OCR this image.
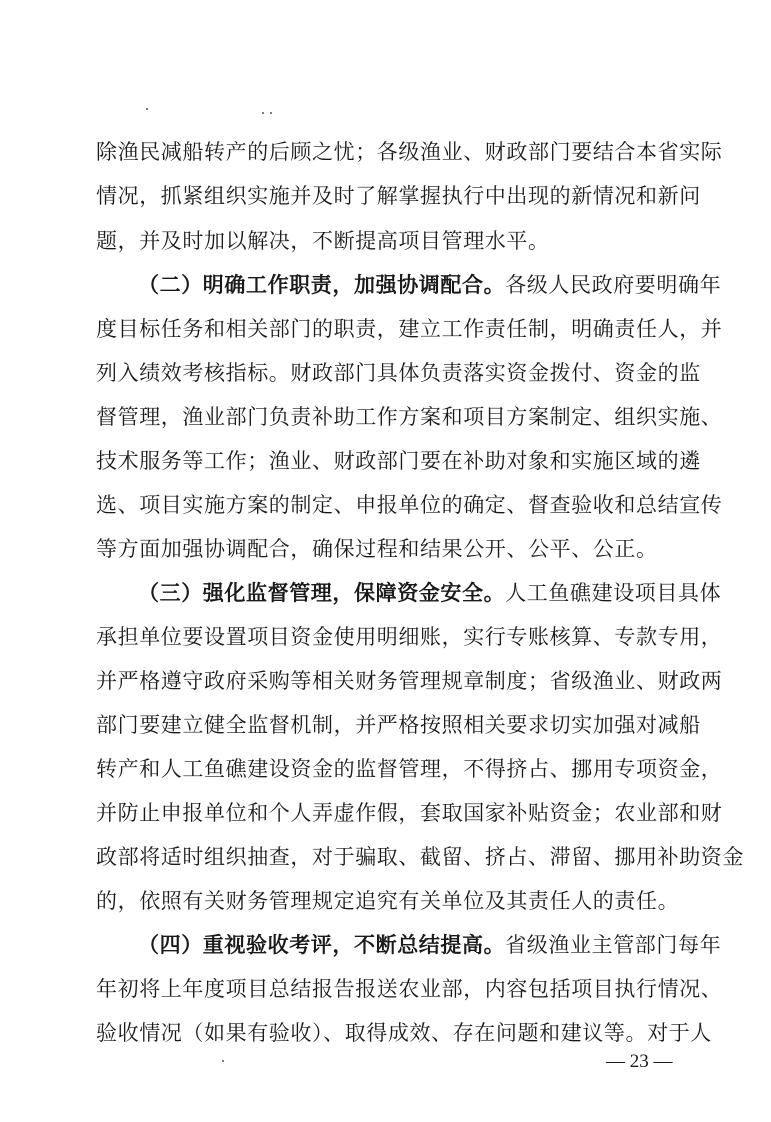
除渔民减船转产的后顾之忧；各级渔业、财政部门要结合本省实际
情况，抓紧组织实施并及时了解掌握执行中出现的新情况和新问
题，并及时加以解决，不断提高项目管理水平。
（二）明确工作职责，加强协调配合。各级人民政府要明确年
度目标任务和相关部门的职责，建立工作责任制，明确责任人，并
列入绩效考核指标。财政部门具体负责落实资金拨付、资金的监
督管理，渔业部门负责补助工作方案和项目方案制定、组织实施、
技术服务等工作；渔业、财政部门要在补助对象和实施区域的遴
选、项目实施方案的制定、申报单位的确定、督查验收和总结宣传
等方面加强协调配合，确保过程和结果公开、公平、公正。
（三）强化监督管理，保障资金安全。人工鱼礁建设项目具体
承担单位要设置项目资金使用明细账，实行专账核算、专款专用，
并严格遵守政府采购等相关财务管理规章制度；省级渔业、财政两
部门要建立健全监督机制，并严格按照相关要求切实加强对减船
转产和人工鱼礁建设资金的监督管理，不得挤占、挪用专项资金，
并防止申报单位和个人弄虚作假，套取国家补贴资金；农业部和财
政部将适时组织抽查，对于骗取、截留、挤占、滞留、挪用补助资金
的，依照有关财务管理规定追究有关单位及其责任人的责任。
（四）重视验收考评，不断总结提高。省级渔业主管部门每年
年初将上年度项目总结报告报送农业部，内容包括项目执行情况、
验收情况（如果有验收）、取得成效、存在问题和建议等。对于人
— 23 —
